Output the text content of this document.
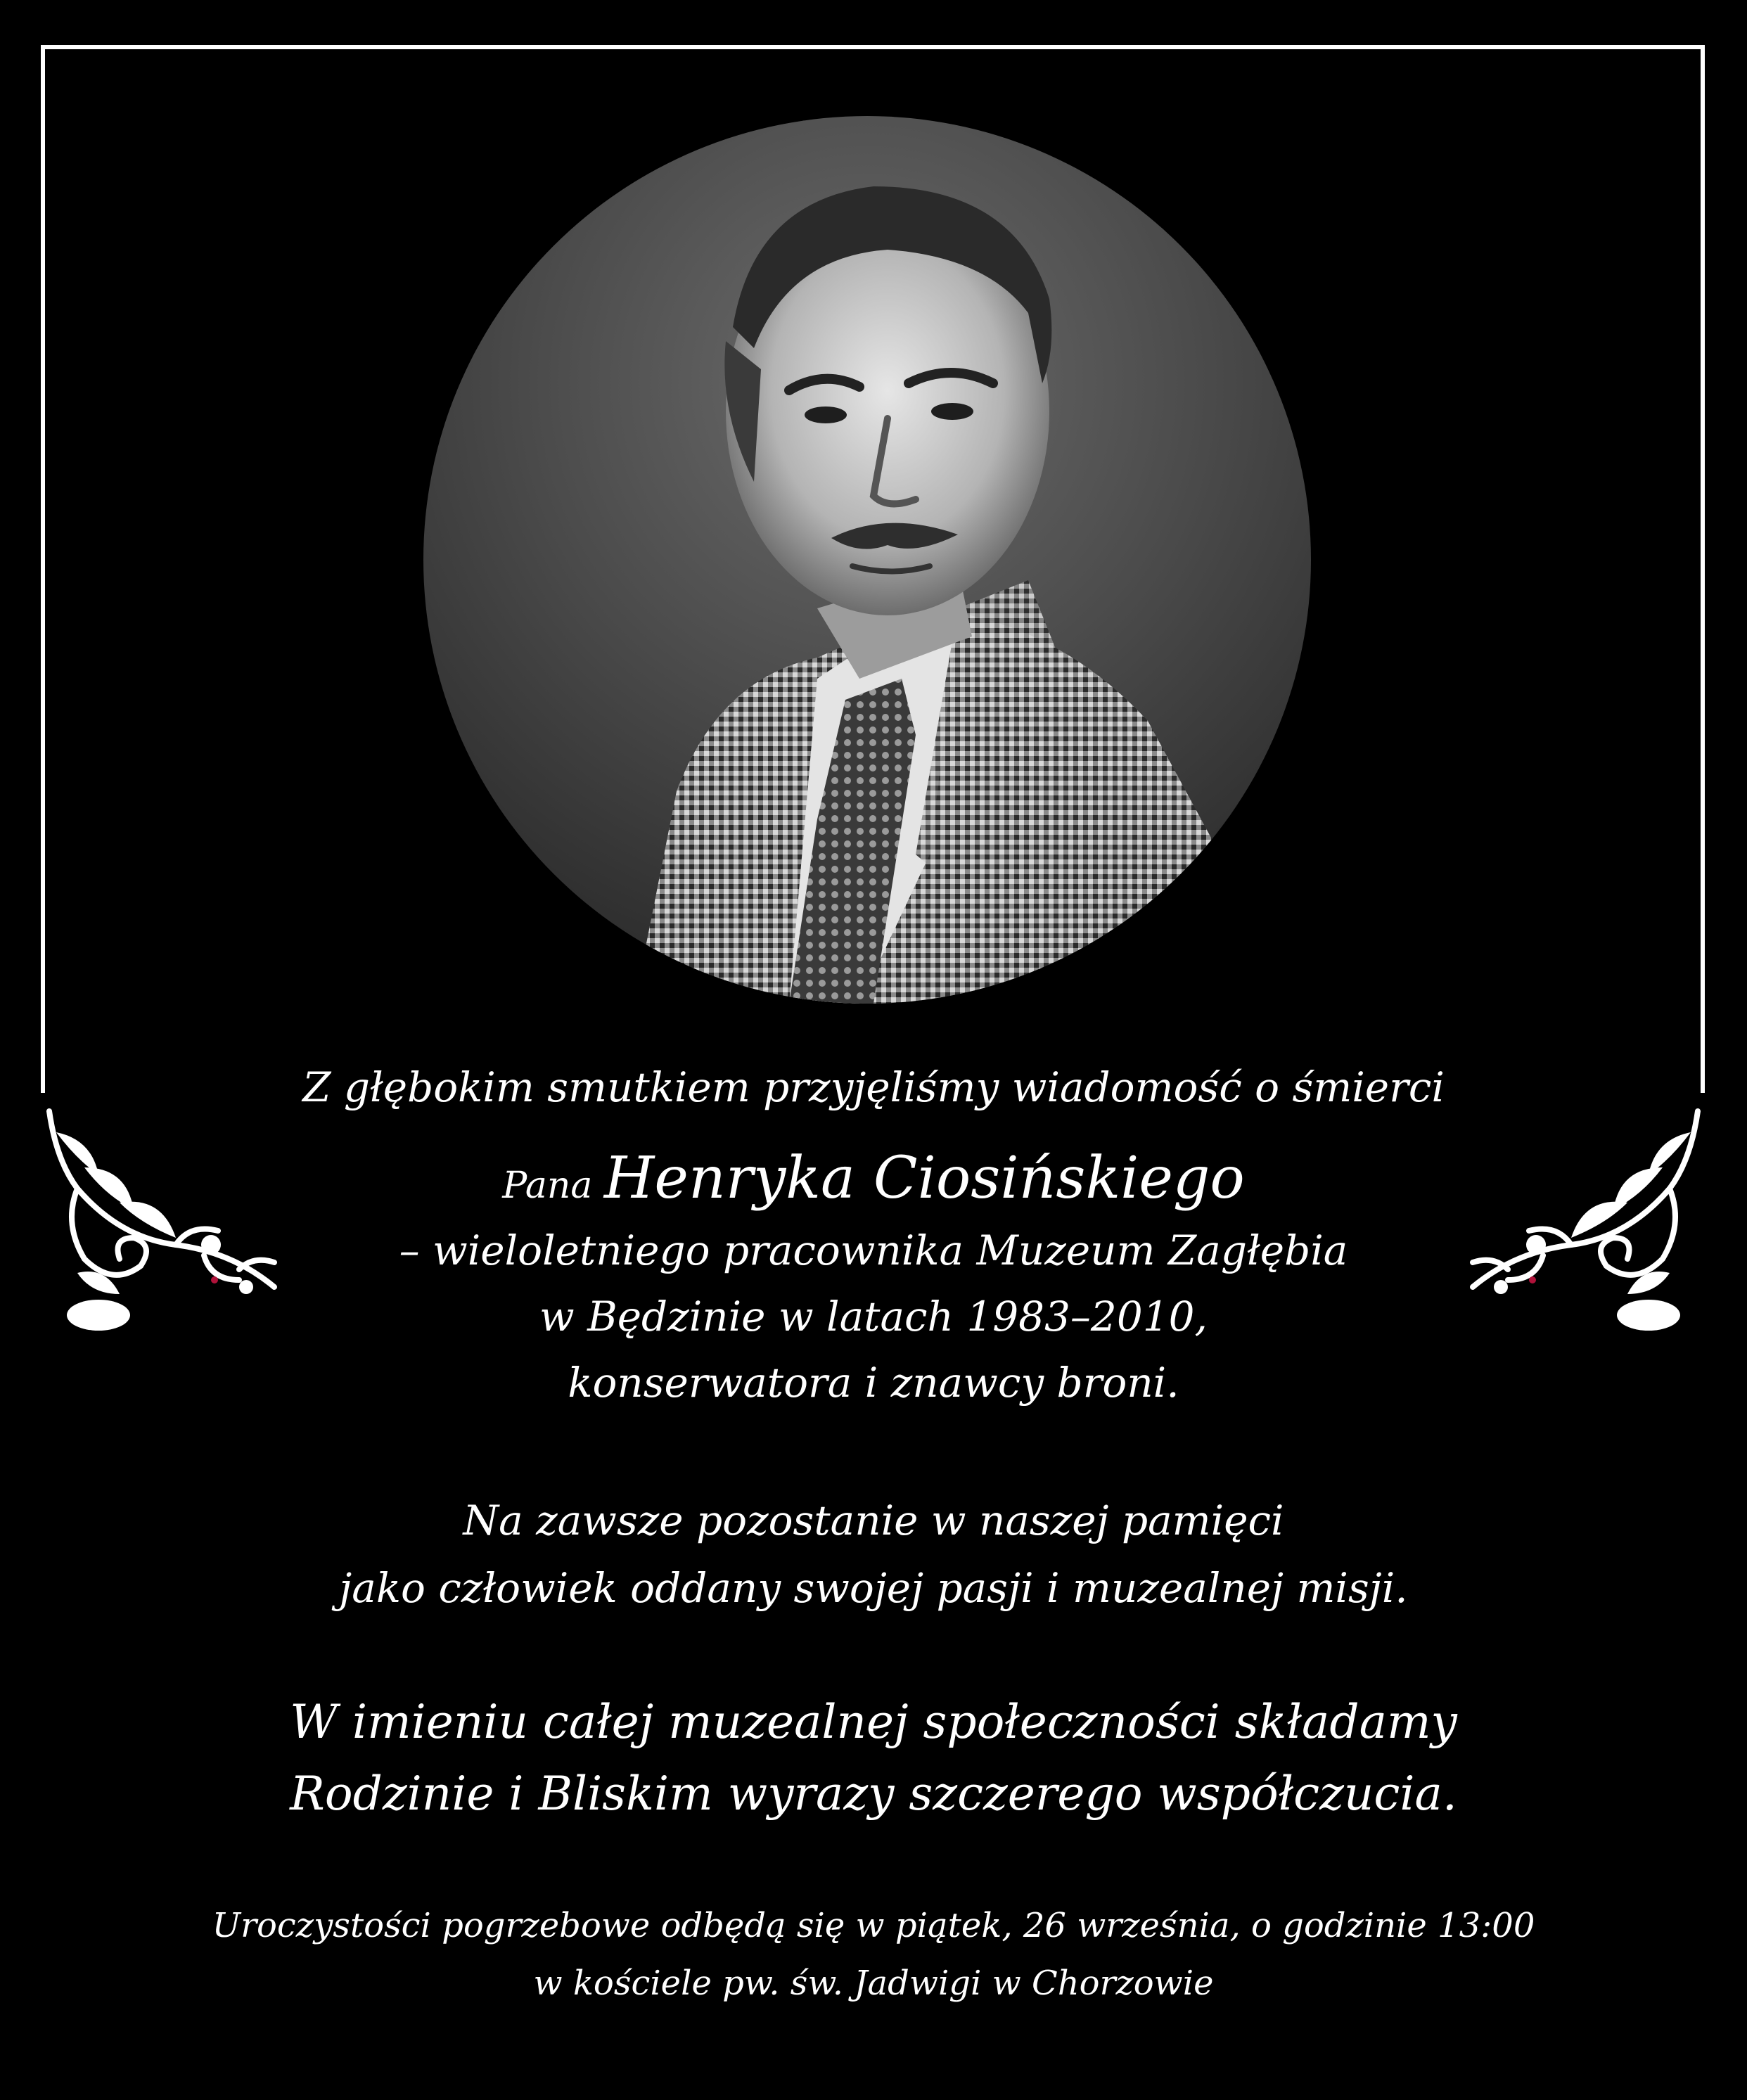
Z głębokim smutkiem przyjęliśmy wiadomość o śmierci
Pana Henryka Ciosińskiego
– wieloletniego pracownika Muzeum Zagłębia
w Będzinie w latach 1983–2010,
konserwatora i znawcy broni.
Na zawsze pozostanie w naszej pamięci
jako człowiek oddany swojej pasji i muzealnej misji.
W imieniu całej muzealnej społeczności składamy
Rodzinie i Bliskim wyrazy szczerego współczucia.
Uroczystości pogrzebowe odbędą się w piątek, 26 września, o godzinie 13:00
w kościele pw. św. Jadwigi w Chorzowie
